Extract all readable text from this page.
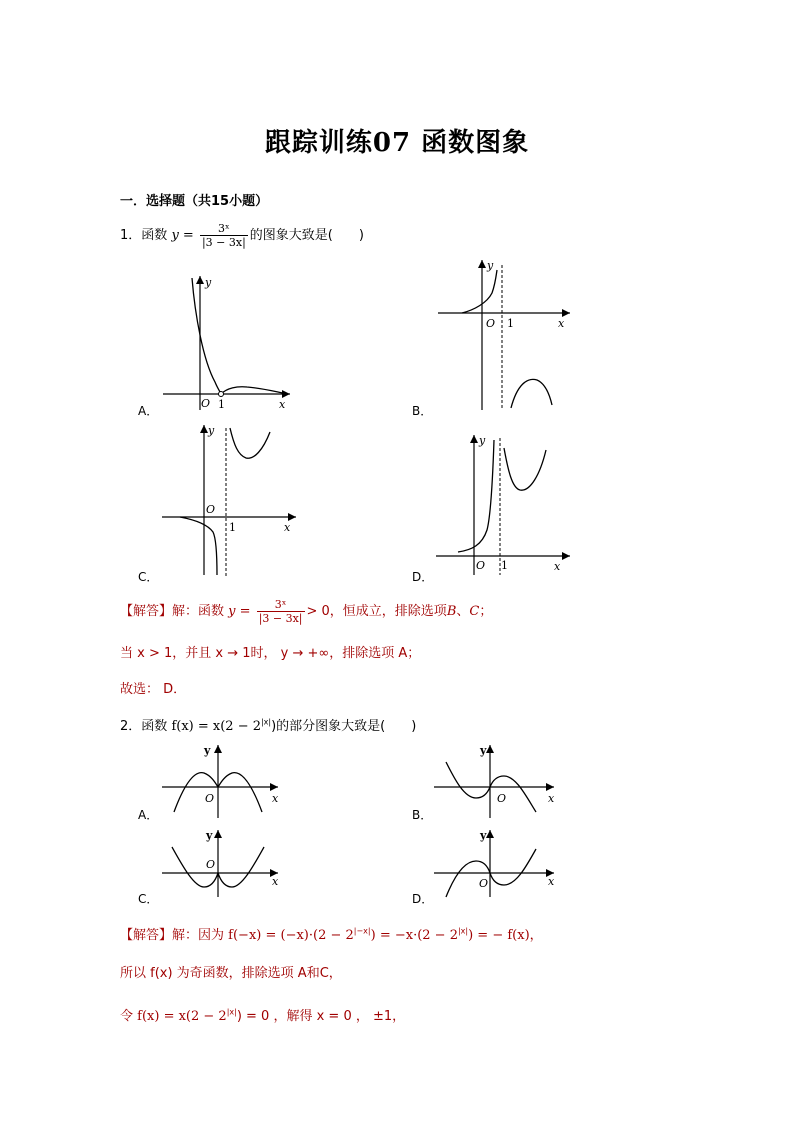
跟踪训练07 函数图象
一．选择题（共15小题）
1．函数 $y = \frac{\text{3ˣ}}{|3 - 3x|}$ 的图象大致是(　　)
A．
y
x
O 1	B．
y
x
O 1
C．
y
x
O
1
D．
y
x
O 1
【解答】解：函数 $y = \frac{\text{3ˣ}}{|3 - 3x|} > 0$，恒成立，排除选项B、C；
当 x > 1，并且 x → 1时， y → +∞，排除选项 A；
故选： D．
2．函数 $f(x) = x(2 - 2^{|x|})$的部分图象大致是(　　)
A．
y
x
O
B．
y
x
O
C．
y
x
O
D．
y
x
O
【解答】解：因为 $f(-x) = (-x)\cdot(2 - 2^{|-x|}) = -x\cdot(2 - 2^{|x|})$ = − f(x)，
所以 f(x) 为奇函数，排除选项 A和C，
令 $f(x) = x(2 - 2^{|x|}) = 0$ ，解得 x = 0 ， ±1，
